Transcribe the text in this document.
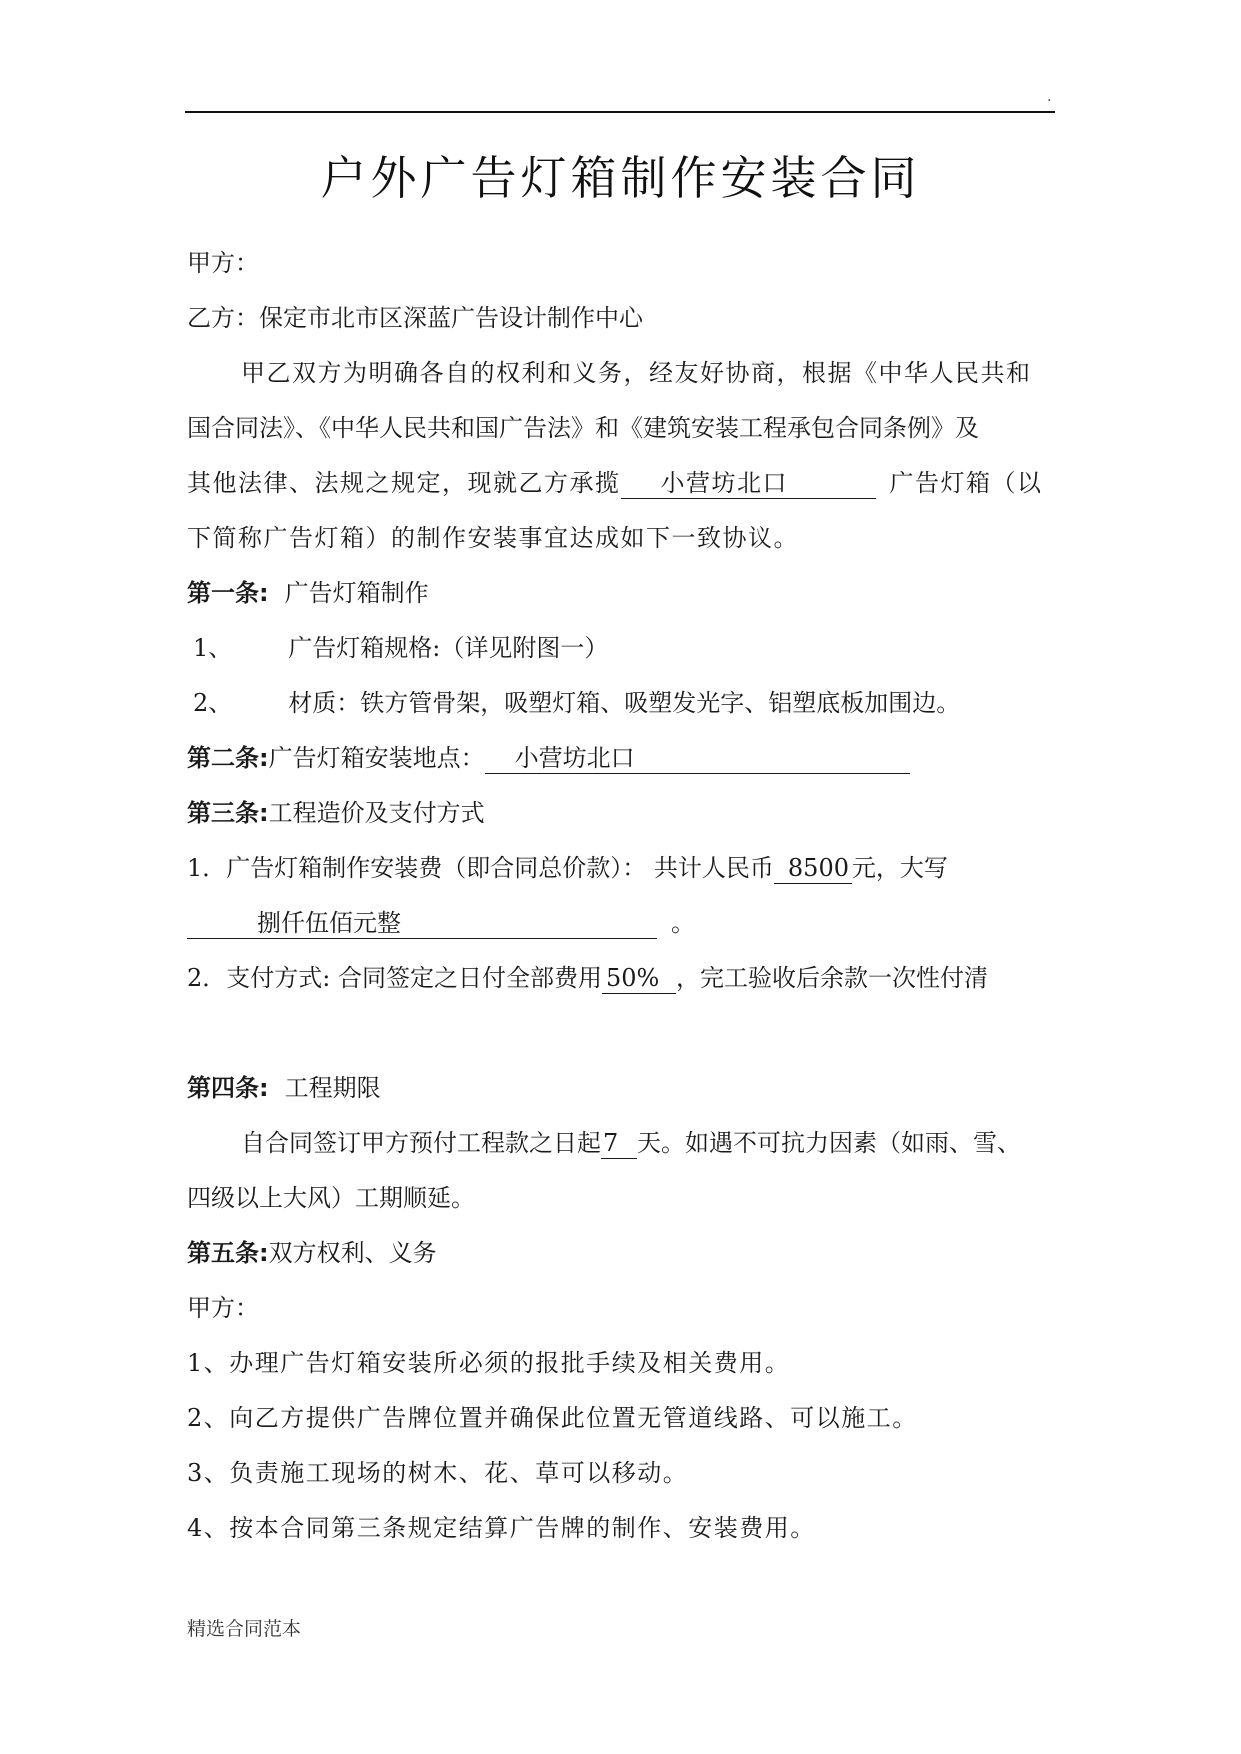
.
户外广告灯箱制作安装合同
甲方：
乙方：保定市北市区深蓝广告设计制作中心
甲乙双方为明确各自的权利和义务，经友好协商，根据《中华人民共和
国合同法》、《中华人民共和国广告法》和《建筑安装工程承包合同条例》及
其他法律、法规之规定，现就乙方承揽 小营坊北口	广告灯箱（以
下简称广告灯箱）的制作安装事宜达成如下一致协议。
第一条: 广告灯箱制作
1、 广告灯箱规格:（详见附图一）
2、 材质：铁方管骨架，吸塑灯箱、吸塑发光字、铝塑底板加围边。
第二条:广告灯箱安装地点： 小营坊北口
第三条:工程造价及支付方式
1．广告灯箱制作安装费（即合同总价款）： 共计人民币 8500 元，大写
捌仟伍佰元整	。
2．支付方式: 合同签定之日付全部费用 50% ，完工验收后余款一次性付清
第四条: 工程期限
自合同签订甲方预付工程款之日起7 天。如遇不可抗力因素（如雨、雪、
四级以上大风）工期顺延。
第五条:双方权利、义务
甲方：
1、办理广告灯箱安装所必须的报批手续及相关费用。
2、向乙方提供广告牌位置并确保此位置无管道线路、可以施工。
3、负责施工现场的树木、花、草可以移动。
4、按本合同第三条规定结算广告牌的制作、安装费用。
精选合同范本
